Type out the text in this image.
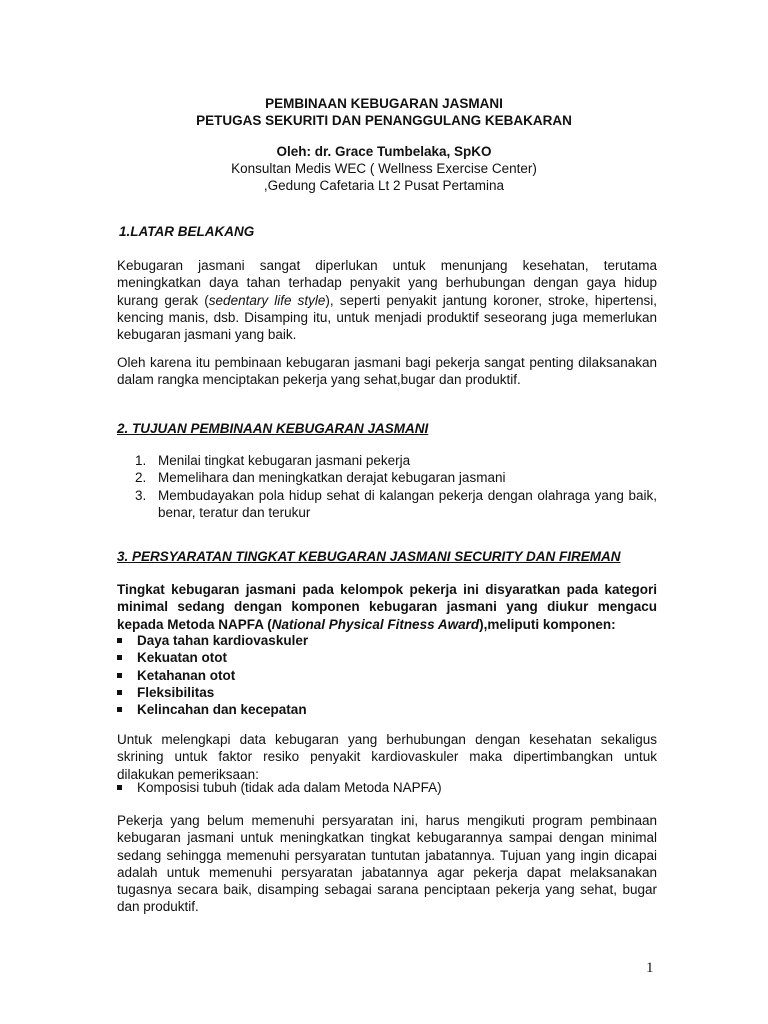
PEMBINAAN KEBUGARAN JASMANI
PETUGAS SEKURITI DAN PENANGGULANG KEBAKARAN
Oleh: dr. Grace Tumbelaka, SpKO
Konsultan Medis WEC ( Wellness Exercise Center)
,Gedung Cafetaria Lt 2 Pusat Pertamina
1.LATAR BELAKANG
Kebugaran jasmani sangat diperlukan untuk menunjang kesehatan, terutama meningkatkan daya tahan terhadap penyakit yang berhubungan dengan gaya hidup kurang gerak (sedentary life style), seperti penyakit jantung koroner, stroke, hipertensi, kencing manis, dsb. Disamping itu, untuk menjadi produktif seseorang juga memerlukan kebugaran jasmani yang baik.
Oleh karena itu pembinaan kebugaran jasmani bagi pekerja sangat penting dilaksanakan dalam rangka menciptakan pekerja yang sehat,bugar dan produktif.
2. TUJUAN PEMBINAAN KEBUGARAN JASMANI
1. Menilai tingkat kebugaran jasmani pekerja
2. Memelihara dan meningkatkan derajat kebugaran jasmani
3. Membudayakan pola hidup sehat di kalangan pekerja dengan olahraga yang baik, benar, teratur dan terukur
3. PERSYARATAN TINGKAT KEBUGARAN JASMANI SECURITY DAN FIREMAN
Tingkat kebugaran jasmani pada kelompok pekerja ini disyaratkan pada kategori minimal sedang dengan komponen kebugaran jasmani yang diukur mengacu kepada Metoda NAPFA (National Physical Fitness Award),meliputi komponen:
Daya tahan kardiovaskuler
Kekuatan otot
Ketahanan otot
Fleksibilitas
Kelincahan dan kecepatan
Untuk melengkapi data kebugaran yang berhubungan dengan kesehatan sekaligus skrining untuk faktor resiko penyakit kardiovaskuler maka dipertimbangkan untuk dilakukan pemeriksaan:
Komposisi tubuh (tidak ada dalam Metoda NAPFA)
Pekerja yang belum memenuhi persyaratan ini, harus mengikuti program pembinaan kebugaran jasmani untuk meningkatkan tingkat kebugarannya sampai dengan minimal sedang sehingga memenuhi persyaratan tuntutan jabatannya. Tujuan yang ingin dicapai adalah untuk memenuhi persyaratan jabatannya agar pekerja dapat melaksanakan tugasnya secara baik, disamping sebagai sarana penciptaan pekerja yang sehat, bugar dan produktif.
1
